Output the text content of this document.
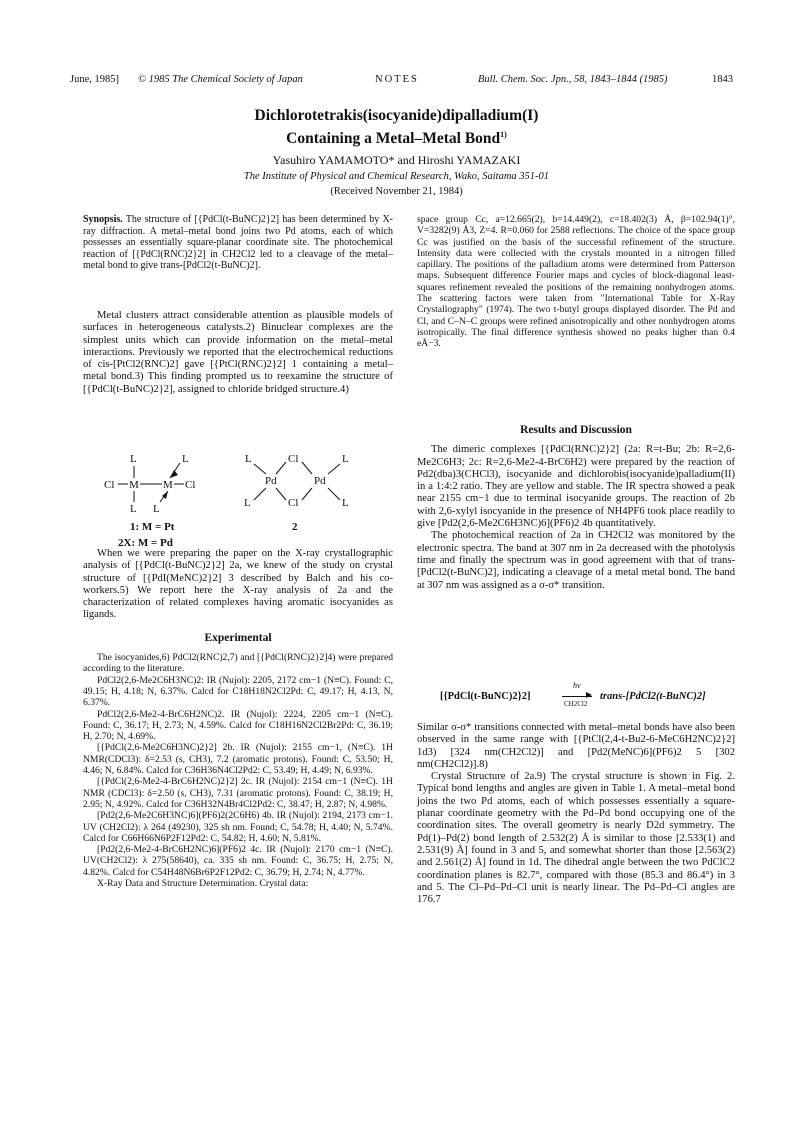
June, 1985] © 1985 The Chemical Society of Japan	NOTES	Bull. Chem. Soc. Jpn., 58, 1843–1844 (1985)	1843
Dichlorotetrakis(isocyanide)dipalladium(I)
Containing a Metal–Metal Bond$^{1)}$
Yasuhiro YAMAMOTO* and Hiroshi YAMAZAKI
The Institute of Physical and Chemical Research, Wako, Saitama 351-01
(Received November 21, 1984)
Synopsis. The structure of [{PdCl(t-BuNC)2}2] has been determined by X-ray diffraction. A metal–metal bond joins two Pd atoms, each of which possesses an essentially square-planar coordinate site. The photochemical reaction of [{PdCl(RNC)2}2] in CH2Cl2 led to a cleavage of the metal–metal bond to give trans-[PdCl2(t-BuNC)2].

Metal clusters attract considerable attention as plausible models of surfaces in heterogeneous catalysts.2) Binuclear complexes are the simplest units which can provide information on the metal–metal interactions. Previously we reported that the electrochemical reductions of cis-[PtCl2(RNC)2] gave [{PtCl(RNC)2}2] 1 containing a metal–metal bond.3) This finding prompted us to reexamine the structure of [{PdCl(t-BuNC)2}2], assigned to chloride bridged structure.4)

L	L
Cl M M Cl
L L
1: M = Pt
2X: M = Pd
L	Cl	L
Pd	Pd
L	Cl	L
2

When we were preparing the paper on the X-ray crystallographic analysis of [{PdCl(t-BuNC)2}2] 2a, we knew of the study on crystal structure of [{PdI(MeNC)2}2] 3 described by Balch and his co-workers.5) We report here the X-ray analysis of 2a and the characterization of related complexes having aromatic isocyanides as ligands.

Experimental

The isocyanides,6) PdCl2(RNC)2,7) and [{PdCl(RNC)2}2]4) were prepared according to the literature.

PdCl2(2,6-Me2C6H3NC)2: IR (Nujol): 2205, 2172 cm−1 (N≡C). Found: C, 49.15; H, 4.18; N, 6.37%. Calcd for C18H18N2Cl2Pd: C, 49.17; H, 4.13, N, 6.37%.

PdCl2(2,6-Me2-4-BrC6H2NC)2. IR (Nujol): 2224, 2205 cm−1 (N≡C). Found: C, 36.17; H, 2.73; N, 4.59%. Calcd for C18H16N2Cl2Br2Pd: C, 36.19; H, 2.70; N, 4.69%.

[{PdCl(2,6-Me2C6H3NC)2}2] 2b. IR (Nujol): 2155 cm−1, (N≡C). 1H NMR(CDCl3): δ=2.53 (s, CH3), 7.2 (aromatic protons). Found: C, 53.50; H, 4.46; N, 6.84%. Calcd for C36H36N4Cl2Pd2: C, 53.49; H, 4.49; N, 6.93%.

[{PdCl(2,6-Me2-4-BrC6H2NC)2}2] 2c. IR (Nujol): 2154 cm−1 (N≡C). 1H NMR (CDCl3): δ=2.50 (s, CH3), 7.31 (aromatic protons). Found: C, 38.19; H, 2.95; N, 4.92%. Calcd for C36H32N4Br4Cl2Pd2: C, 38.47; H, 2.87; N, 4.98%.

[Pd2(2,6-Me2C6H3NC)6](PF6)2(2C6H6) 4b. IR (Nujol): 2194, 2173 cm−1. UV (CH2Cl2): λ 264 (49230), 325 sh nm. Found; C, 54.78; H, 4.40; N, 5.74%. Calcd for C66H66N6P2F12Pd2: C, 54.82; H, 4.60; N, 5.81%.

[Pd2(2,6-Me2-4-BrC6H2NC)6](PF6)2 4c. IR (Nujol): 2170 cm−1 (N≡C). UV(CH2Cl2): λ 275(58640), ca. 335 sh nm. Found: C, 36.75; H, 2.75; N, 4.82%. Calcd for C54H48N6Br6P2F12Pd2: C, 36.79; H, 2.74; N, 4.77%.

X-Ray Data and Structure Determination. Crystal data:

space group Cc, a=12.665(2), b=14.449(2), c=18.402(3) Å, β=102.94(1)°, V=3282(9) Å3, Z=4. R=0.060 for 2588 reflections. The choice of the space group Cc was justified on the basis of the successful refinement of the structure. Intensity data were collected with the crystals mounted in a nitrogen filled capillary. The positions of the palladium atoms were determined from Patterson maps. Subsequent difference Fourier maps and cycles of block-diagonal least-squares refinement revealed the positions of the remaining nonhydrogen atoms. The scattering factors were taken from "International Table for X-Ray Crystallography" (1974). The two t-butyl groups displayed disorder. The Pd and Cl, and C–N–C groups were refined anisotropically and other nonhydrogen atoms isotropically. The final difference synthesis showed no peaks higher than 0.4 eÅ−3.

Results and Discussion

The dimeric complexes [{PdCl(RNC)2}2] (2a: R=t-Bu; 2b: R=2,6-Me2C6H3; 2c: R=2,6-Me2-4-BrC6H2) were prepared by the reaction of Pd2(dba)3(CHCl3), isocyanide and dichlorobis(isocyanide)palladium(II) in a 1:4:2 ratio. They are yellow and stable. The IR spectra showed a peak near 2155 cm−1 due to terminal isocyanide groups. The reaction of 2b with 2,6-xylyl isocyanide in the presence of NH4PF6 took place readily to give [Pd2(2,6-Me2C6H3NC)6](PF6)2 4b quantitatively.

The photochemical reaction of 2a in CH2Cl2 was monitored by the electronic spectra. The band at 307 nm in 2a decreased with the photolysis time and finally the spectrum was in good agreement with that of trans-[PdCl2(t-BuNC)2], indicating a cleavage of a metal metal bond. The band at 307 nm was assigned as a σ-σ* transition.

[{PdCl(t-BuNC)2}2]
hν
CH2Cl2
trans-[PdCl2(t-BuNC)2]

Similar σ-σ* transitions connected with metal–metal bonds have also been observed in the same range with [{PtCl(2,4-t-Bu2-6-MeC6H2NC)2}2] 1d3) [324 nm(CH2Cl2)] and [Pd2(MeNC)6](PF6)2 5 [302 nm(CH2Cl2)].8)

Crystal Structure of 2a.9) The crystal structure is shown in Fig. 2. Typical bond lengths and angles are given in Table 1. A metal–metal bond joins the two Pd atoms, each of which possesses essentially a square-planar coordinate geometry with the Pd–Pd bond occupying one of the coordination sites. The overall geometry is nearly D2d symmetry. The Pd(1)–Pd(2) bond length of 2.532(2) Å is similar to those [2.533(1) and 2.531(9) Å] found in 3 and 5, and somewhat shorter than those [2.563(2) and 2.561(2) Å] found in 1d. The dihedral angle between the two PdClC2 coordination planes is 82.7°, compared with those (85.3 and 86.4°) in 3 and 5. The Cl–Pd–Pd–Cl unit is nearly linear. The Pd–Pd–Cl angles are 176.7
